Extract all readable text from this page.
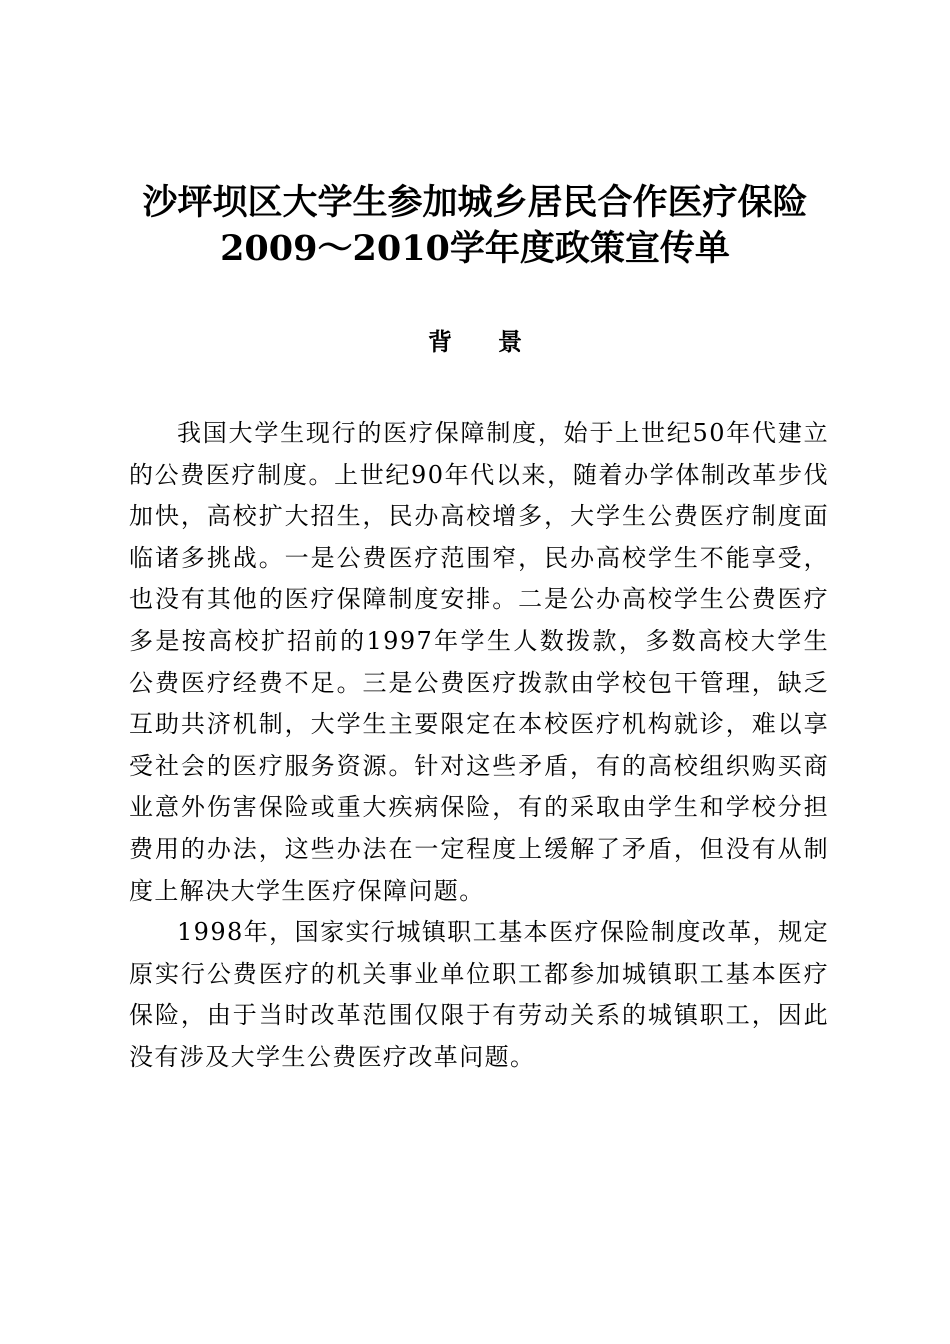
沙坪坝区大学生参加城乡居民合作医疗保险
2009～2010学年度政策宣传单
背景

我国大学生现行的医疗保障制度，始于上世纪50年代建立的公费医疗制度。上世纪90年代以来，随着办学体制改革步伐加快，高校扩大招生，民办高校增多，大学生公费医疗制度面临诸多挑战。一是公费医疗范围窄，民办高校学生不能享受，也没有其他的医疗保障制度安排。二是公办高校学生公费医疗多是按高校扩招前的1997年学生人数拨款，多数高校大学生公费医疗经费不足。三是公费医疗拨款由学校包干管理，缺乏互助共济机制，大学生主要限定在本校医疗机构就诊，难以享受社会的医疗服务资源。针对这些矛盾，有的高校组织购买商业意外伤害保险或重大疾病保险，有的采取由学生和学校分担费用的办法，这些办法在一定程度上缓解了矛盾，但没有从制度上解决大学生医疗保障问题。

1998年，国家实行城镇职工基本医疗保险制度改革，规定原实行公费医疗的机关事业单位职工都参加城镇职工基本医疗保险，由于当时改革范围仅限于有劳动关系的城镇职工，因此没有涉及大学生公费医疗改革问题。
